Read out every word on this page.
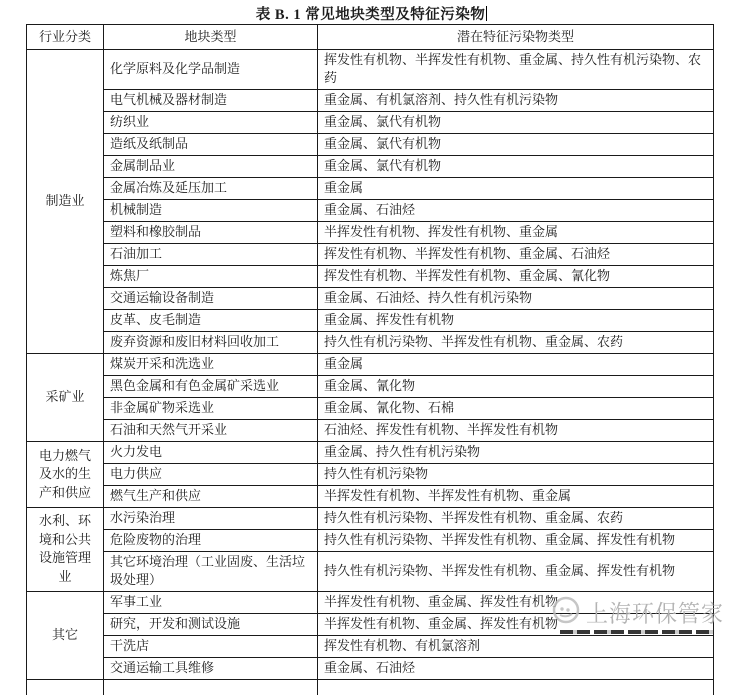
表 B. 1 常见地块类型及特征污染物
行业分类	地块类型	潜在特征污染物类型
制造业	化学原料及化学品制造	挥发性有机物、半挥发性有机物、重金属、持久性有机污染物、农药
	电气机械及器材制造	重金属、有机氯溶剂、持久性有机污染物
	纺织业	重金属、氯代有机物
	造纸及纸制品	重金属、氯代有机物
	金属制品业	重金属、氯代有机物
	金属冶炼及延压加工	重金属
	机械制造	重金属、石油烃
	塑料和橡胶制品	半挥发性有机物、挥发性有机物、重金属
	石油加工	挥发性有机物、半挥发性有机物、重金属、石油烃
	炼焦厂	挥发性有机物、半挥发性有机物、重金属、氰化物
	交通运输设备制造	重金属、石油烃、持久性有机污染物
	皮革、皮毛制造	重金属、挥发性有机物
	废弃资源和废旧材料回收加工	持久性有机污染物、半挥发性有机物、重金属、农药
采矿业	煤炭开采和洗选业	重金属
	黑色金属和有色金属矿采选业	重金属、氰化物
	非金属矿物采选业	重金属、氰化物、石棉
	石油和天然气开采业	石油烃、挥发性有机物、半挥发性有机物
电力燃气
及水的生
产和供应	火力发电	重金属、持久性有机污染物
	电力供应	持久性有机污染物
	燃气生产和供应	半挥发性有机物、半挥发性有机物、重金属
水利、环
境和公共
设施管理
业	水污染治理	持久性有机污染物、半挥发性有机物、重金属、农药
	危险废物的治理	持久性有机污染物、半挥发性有机物、重金属、挥发性有机物
	其它环境治理（工业固废、生活垃圾处理）	持久性有机污染物、半挥发性有机物、重金属、挥发性有机物
其它	军事工业	半挥发性有机物、重金属、挥发性有机物
	研究，开发和测试设施	半挥发性有机物、重金属、挥发性有机物
	干洗店	挥发性有机物、有机氯溶剂
	交通运输工具维修	重金属、石油烃

上海环保管家
